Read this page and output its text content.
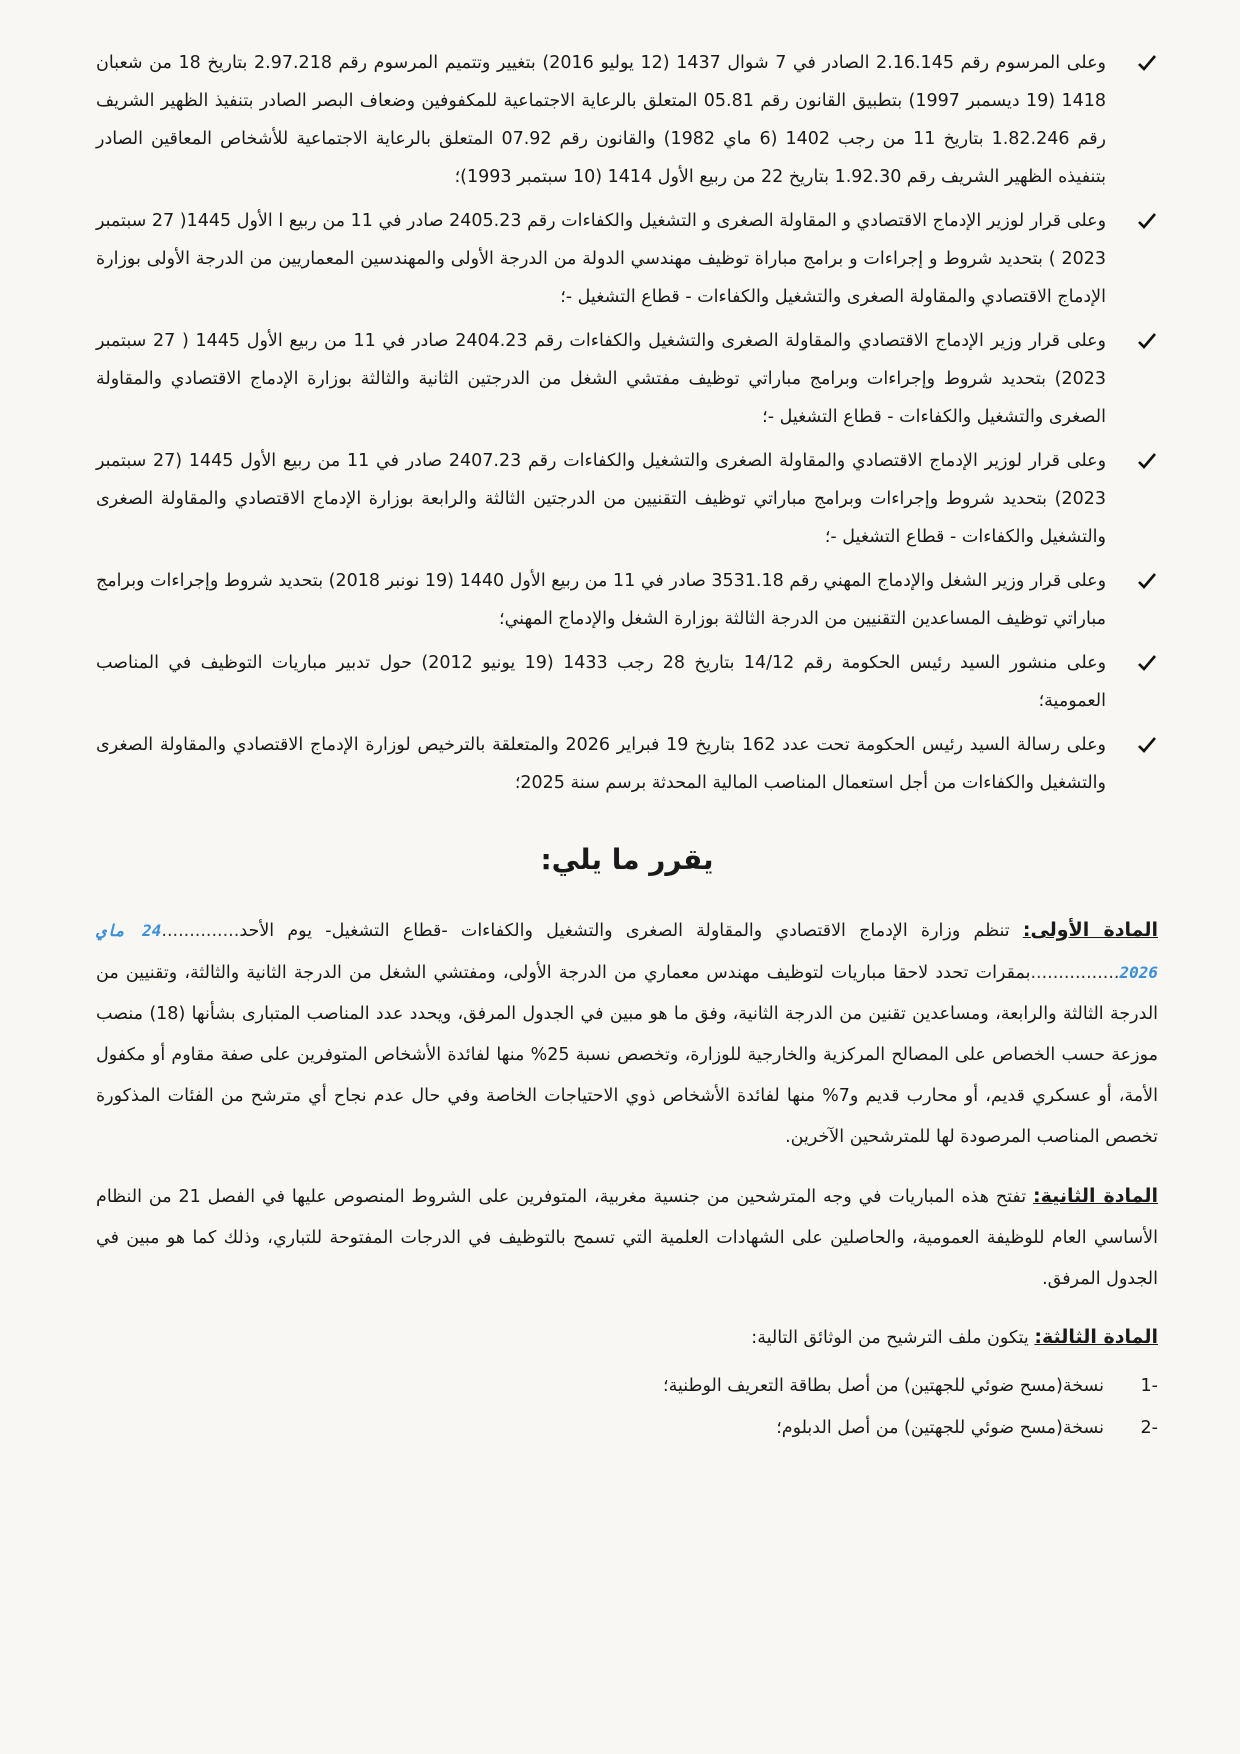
وعلى المرسوم رقم 2.16.145 الصادر في 7 شوال 1437 (12 يوليو 2016) بتغيير وتتميم المرسوم رقم 2.97.218 بتاريخ 18 من شعبان 1418 (19 ديسمبر 1997) بتطبيق القانون رقم 05.81 المتعلق بالرعاية الاجتماعية للمكفوفين وضعاف البصر الصادر بتنفيذ الظهير الشريف رقم 1.82.246 بتاريخ 11 من رجب 1402 (6 ماي 1982) والقانون رقم 07.92 المتعلق بالرعاية الاجتماعية للأشخاص المعاقين الصادر بتنفيذه الظهير الشريف رقم 1.92.30 بتاريخ 22 من ربيع الأول 1414 (10 سبتمبر 1993)؛
وعلى قرار لوزير الإدماج الاقتصادي و المقاولة الصغرى و التشغيل والكفاءات رقم 2405.23 صادر في 11 من ربيع ا الأول 1445( 27 سبتمبر 2023 ) بتحديد شروط و إجراءات و برامج مباراة توظيف مهندسي الدولة من الدرجة الأولى والمهندسين المعماريين من الدرجة الأولى بوزارة الإدماج الاقتصادي والمقاولة الصغرى والتشغيل والكفاءات - قطاع التشغيل -؛
وعلى قرار وزير الإدماج الاقتصادي والمقاولة الصغرى والتشغيل والكفاءات رقم 2404.23 صادر في 11 من ربيع الأول 1445 ( 27 سبتمبر 2023) بتحديد شروط وإجراءات وبرامج مباراتي توظيف مفتشي الشغل من الدرجتين الثانية والثالثة بوزارة الإدماج الاقتصادي والمقاولة الصغرى والتشغيل والكفاءات - قطاع التشغيل -؛
وعلى قرار لوزير الإدماج الاقتصادي والمقاولة الصغرى والتشغيل والكفاءات رقم 2407.23 صادر في 11 من ربيع الأول 1445 (27 سبتمبر 2023) بتحديد شروط وإجراءات وبرامج مباراتي توظيف التقنيين من الدرجتين الثالثة والرابعة بوزارة الإدماج الاقتصادي والمقاولة الصغرى والتشغيل والكفاءات - قطاع التشغيل -؛
وعلى قرار وزير الشغل والإدماج المهني رقم 3531.18 صادر في 11 من ربيع الأول 1440 (19 نونبر 2018) بتحديد شروط وإجراءات وبرامج مباراتي توظيف المساعدين التقنيين من الدرجة الثالثة بوزارة الشغل والإدماج المهني؛
وعلى منشور السيد رئيس الحكومة رقم 14/12 بتاريخ 28 رجب 1433 (19 يونيو 2012) حول تدبير مباريات التوظيف في المناصب العمومية؛
وعلى رسالة السيد رئيس الحكومة تحت عدد 162 بتاريخ 19 فبراير 2026 والمتعلقة بالترخيص لوزارة الإدماج الاقتصادي والمقاولة الصغرى والتشغيل والكفاءات من أجل استعمال المناصب المالية المحدثة برسم سنة 2025؛
يقرر ما يلي:

المادة الأولى: تنظم وزارة الإدماج الاقتصادي والمقاولة الصغرى والتشغيل والكفاءات -قطاع التشغيل- يوم الأحد..............24 ماي 2026................بمقرات تحدد لاحقا مباريات لتوظيف مهندس معماري من الدرجة الأولى، ومفتشي الشغل من الدرجة الثانية والثالثة، وتقنيين من الدرجة الثالثة والرابعة، ومساعدين تقنين من الدرجة الثانية، وفق ما هو مبين في الجدول المرفق، ويحدد عدد المناصب المتبارى بشأنها (18) منصب موزعة حسب الخصاص على المصالح المركزية والخارجية للوزارة، وتخصص نسبة 25% منها لفائدة الأشخاص المتوفرين على صفة مقاوم أو مكفول الأمة، أو عسكري قديم، أو محارب قديم و7% منها لفائدة الأشخاص ذوي الاحتياجات الخاصة وفي حال عدم نجاح أي مترشح من الفئات المذكورة تخصص المناصب المرصودة لها للمترشحين الآخرين.

المادة الثانية: تفتح هذه المباريات في وجه المترشحين من جنسية مغربية، المتوفرين على الشروط المنصوص عليها في الفصل 21 من النظام الأساسي العام للوظيفة العمومية، والحاصلين على الشهادات العلمية التي تسمح بالتوظيف في الدرجات المفتوحة للتباري، وذلك كما هو مبين في الجدول المرفق.

المادة الثالثة: يتكون ملف الترشيح من الوثائق التالية:

-1
نسخة(مسح ضوئي للجهتين) من أصل بطاقة التعريف الوطنية؛
-2
نسخة(مسح ضوئي للجهتين) من أصل الدبلوم؛
